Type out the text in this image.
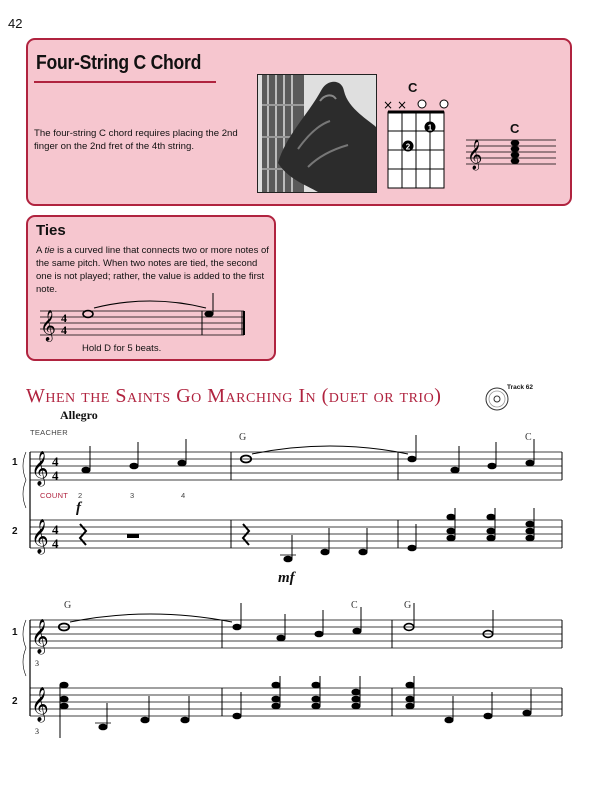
42
Four-String C Chord
The four-string C chord requires placing the 2nd finger on the 2nd fret of the 4th string.
1
2
× ×
𝄞
C
C
Ties
A tie is a curved line that connects two or more notes of the same pitch. When two notes are tied, the second one is not played; rather, the value is added to the first note.
Hold D for 5 beats.
𝄞 4
4
When the Saints Go Marching In (duet or trio)	Track 62
Allegro
TEACHER	G	C
G	C	G
COUNT 2	3	4
1
2
1
2
f
mf
3
3
𝄞
𝄞
4
4
4
4
𝄞
𝄞
